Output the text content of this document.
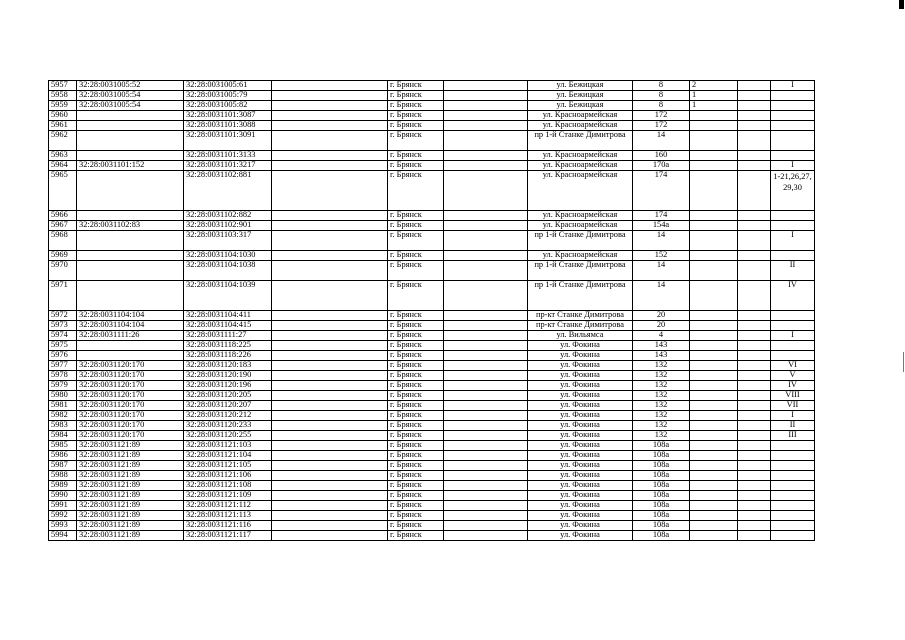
5957	32:28:0031005:52	32:28:0031005:61		г. Брянск		ул. Бежицкая	8	2		I
5958	32:28:0031005:54	32:28:0031005:79		г. Брянск		ул. Бежицкая	8	1		
5959	32:28:0031005:54	32:28:0031005:82		г. Брянск		ул. Бежицкая	8	1		
5960		32:28:0031101:3087		г. Брянск		ул. Красноармейская	172			
5961		32:28:0031101:3088		г. Брянск		ул. Красноармейская	172			
5962		32:28:0031101:3091		г. Брянск		пр 1-й Станке Димитрова	14			
5963		32:28:0031101:3133		г. Брянск		ул. Красноармейская	160			
5964	32:28:0031101:152	32:28:0031101:3217		г. Брянск		ул. Красноармейская	170а			I
5965		32:28:0031102:881		г. Брянск		ул. Красноармейская	174			1-21,26,27,
29,30
5966		32:28:0031102:882		г. Брянск		ул. Красноармейская	174			
5967	32:28:0031102:83	32:28:0031102:901		г. Брянск		ул. Красноармейская	154а			
5968		32:28:0031103:317		г. Брянск		пр 1-й Станке Димитрова	14			I
5969		32:28:0031104:1030		г. Брянск		ул. Красноармейская	152			
5970		32:28:0031104:1038		г. Брянск		пр 1-й Станке Димитрова	14			II
5971		32:28:0031104:1039		г. Брянск		пр 1-й Станке Димитрова	14			IV
5972	32:28:0031104:104	32:28:0031104:411		г. Брянск		пр-кт Станке Димитрова	20			
5973	32:28:0031104:104	32:28:0031104:415		г. Брянск		пр-кт Станке Димитрова	20			
5974	32:28:0031111:26	32:28:0031111:27		г. Брянск		ул. Вильямса	4			I
5975		32:28:0031118:225		г. Брянск		ул. Фокина	143			
5976		32:28:0031118:226		г. Брянск		ул. Фокина	143			
5977	32:28:0031120:170	32:28:0031120:183		г. Брянск		ул. Фокина	132			VI
5978	32:28:0031120:170	32:28:0031120:190		г. Брянск		ул. Фокина	132			V
5979	32:28:0031120:170	32:28:0031120:196		г. Брянск		ул. Фокина	132			IV
5980	32:28:0031120:170	32:28:0031120:205		г. Брянск		ул. Фокина	132			VIII
5981	32:28:0031120:170	32:28:0031120:207		г. Брянск		ул. Фокина	132			VII
5982	32:28:0031120:170	32:28:0031120:212		г. Брянск		ул. Фокина	132			I
5983	32:28:0031120:170	32:28:0031120:233		г. Брянск		ул. Фокина	132			II
5984	32:28:0031120:170	32:28:0031120:255		г. Брянск		ул. Фокина	132			III
5985	32:28:0031121:89	32:28:0031121:103		г. Брянск		ул. Фокина	108а			
5986	32:28:0031121:89	32:28:0031121:104		г. Брянск		ул. Фокина	108а			
5987	32:28:0031121:89	32:28:0031121:105		г. Брянск		ул. Фокина	108а			
5988	32:28:0031121:89	32:28:0031121:106		г. Брянск		ул. Фокина	108а			
5989	32:28:0031121:89	32:28:0031121:108		г. Брянск		ул. Фокина	108а			
5990	32:28:0031121:89	32:28:0031121:109		г. Брянск		ул. Фокина	108а			
5991	32:28:0031121:89	32:28:0031121:112		г. Брянск		ул. Фокина	108а			
5992	32:28:0031121:89	32:28:0031121:113		г. Брянск		ул. Фокина	108а			
5993	32:28:0031121:89	32:28:0031121:116		г. Брянск		ул. Фокина	108а			
5994	32:28:0031121:89	32:28:0031121:117		г. Брянск		ул. Фокина	108а			
